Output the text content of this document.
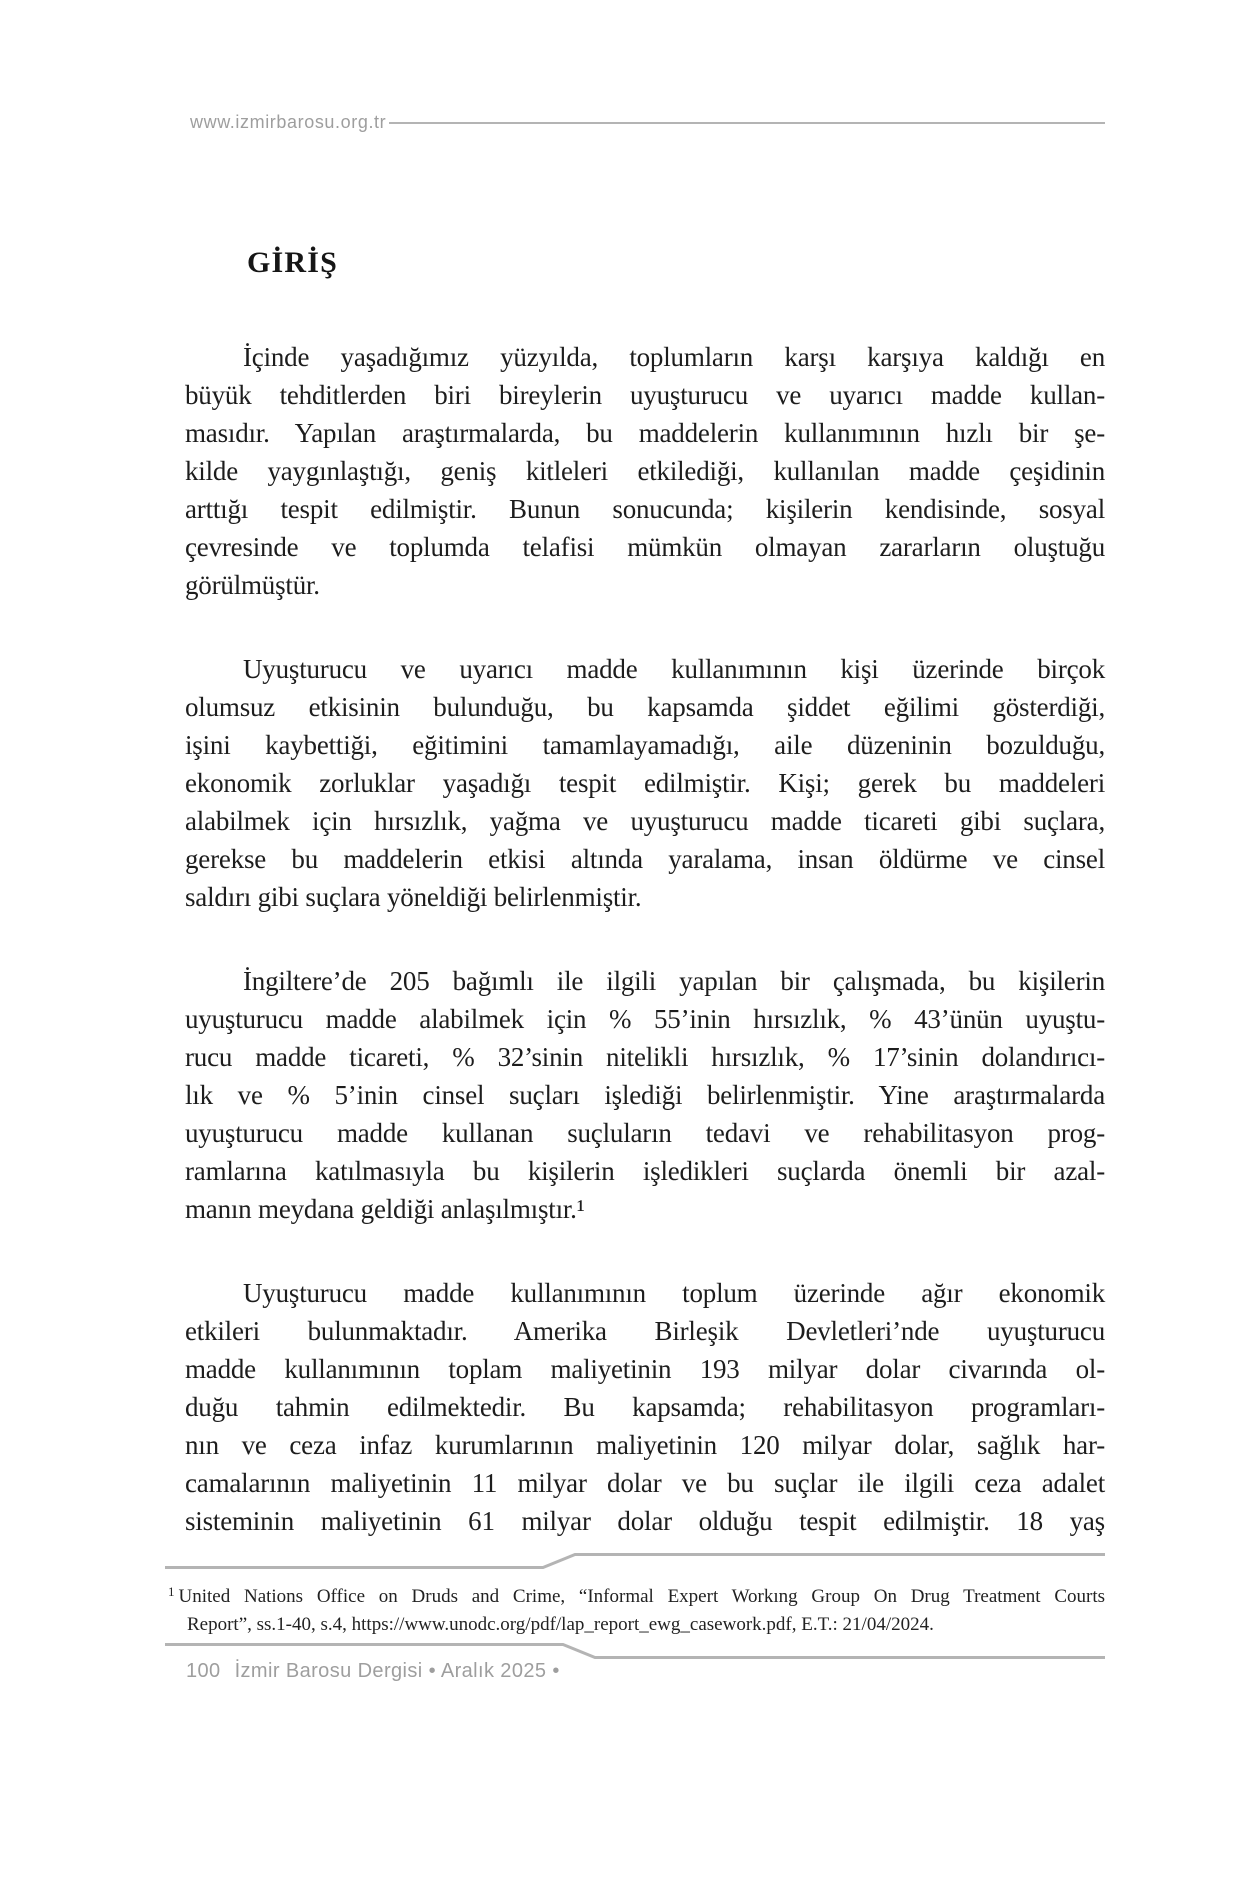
www.izmirbarosu.org.tr
GİRİŞ
İçinde yaşadığımız yüzyılda, toplumların karşı karşıya kaldığı en
büyük tehditlerden biri bireylerin uyuşturucu ve uyarıcı madde kullan-
masıdır. Yapılan araştırmalarda, bu maddelerin kullanımının hızlı bir şe-
kilde yaygınlaştığı, geniş kitleleri etkilediği, kullanılan madde çeşidinin
arttığı tespit edilmiştir. Bunun sonucunda; kişilerin kendisinde, sosyal
çevresinde ve toplumda telafisi mümkün olmayan zararların oluştuğu
görülmüştür.
Uyuşturucu ve uyarıcı madde kullanımının kişi üzerinde birçok
olumsuz etkisinin bulunduğu, bu kapsamda şiddet eğilimi gösterdiği,
işini kaybettiği, eğitimini tamamlayamadığı, aile düzeninin bozulduğu,
ekonomik zorluklar yaşadığı tespit edilmiştir. Kişi; gerek bu maddeleri
alabilmek için hırsızlık, yağma ve uyuşturucu madde ticareti gibi suçlara,
gerekse bu maddelerin etkisi altında yaralama, insan öldürme ve cinsel
saldırı gibi suçlara yöneldiği belirlenmiştir.
İngiltere’de 205 bağımlı ile ilgili yapılan bir çalışmada, bu kişilerin
uyuşturucu madde alabilmek için % 55’inin hırsızlık, % 43’ünün uyuştu-
rucu madde ticareti, % 32’sinin nitelikli hırsızlık, % 17’sinin dolandırıcı-
lık ve % 5’inin cinsel suçları işlediği belirlenmiştir. Yine araştırmalarda
uyuşturucu madde kullanan suçluların tedavi ve rehabilitasyon prog-
ramlarına katılmasıyla bu kişilerin işledikleri suçlarda önemli bir azal-
manın meydana geldiği anlaşılmıştır.¹
Uyuşturucu madde kullanımının toplum üzerinde ağır ekonomik
etkileri bulunmaktadır. Amerika Birleşik Devletleri’nde uyuşturucu
madde kullanımının toplam maliyetinin 193 milyar dolar civarında ol-
duğu tahmin edilmektedir. Bu kapsamda; rehabilitasyon programları-
nın ve ceza infaz kurumlarının maliyetinin 120 milyar dolar, sağlık har-
camalarının maliyetinin 11 milyar dolar ve bu suçlar ile ilgili ceza adalet
sisteminin maliyetinin 61 milyar dolar olduğu tespit edilmiştir. 18 yaş
$^1$ United Nations Office on Druds and Crime, “Informal Expert Workıng Group On Drug Treatment Courts
Report”, ss.1-40, s.4, https://www.unodc.org/pdf/lap_report_ewg_casework.pdf, E.T.: 21/04/2024.
100 İzmir Barosu Dergisi • Aralık 2025 •
